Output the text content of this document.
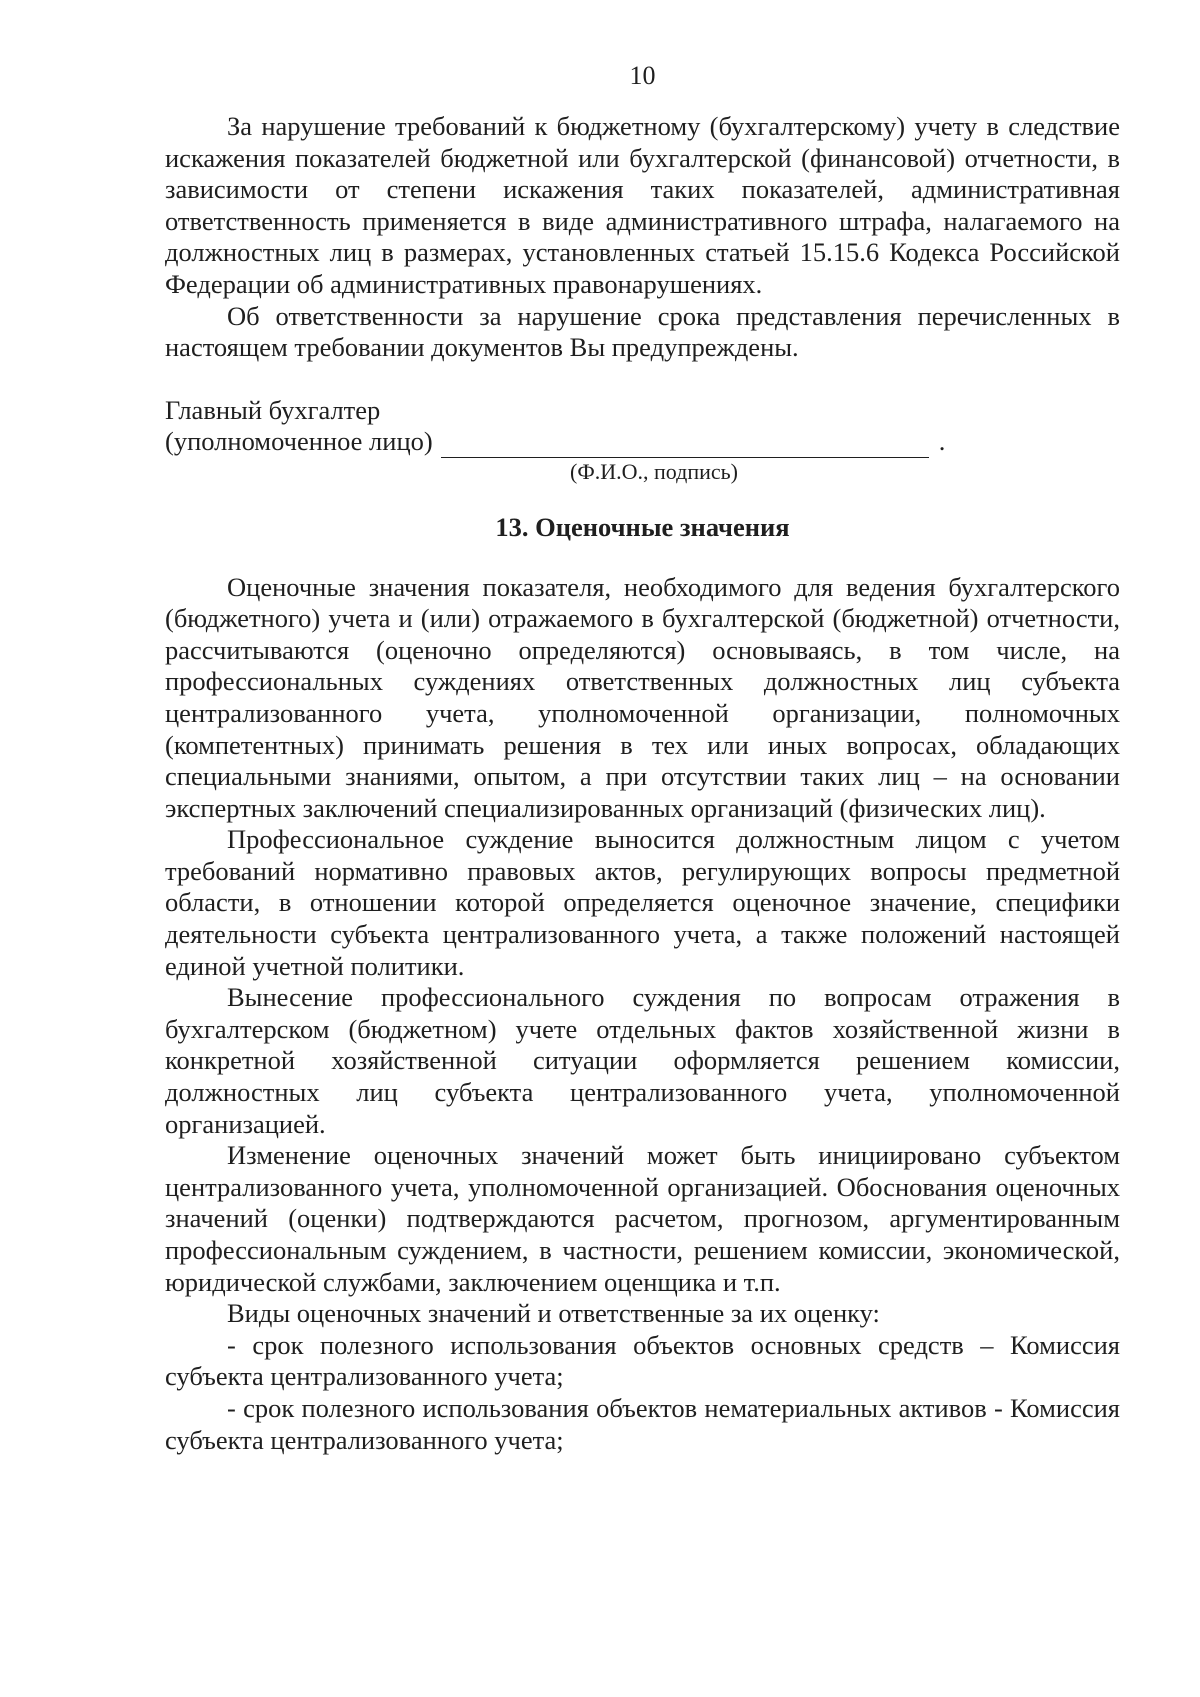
10

За нарушение требований к бюджетному (бухгалтерскому) учету в следствие искажения показателей бюджетной или бухгалтерской (финансовой) отчетности, в зависимости от степени искажения таких показателей, административная ответственность применяется в виде административного штрафа, налагаемого на должностных лиц в размерах, установленных статьей 15.15.6 Кодекса Российской Федерации об административных правонарушениях.

Об ответственности за нарушение срока представления перечисленных в настоящем требовании документов Вы предупреждены.

Главный бухгалтер
(уполномоченное лицо)	.
(Ф.И.О., подпись)
13. Оценочные значения

Оценочные значения показателя, необходимого для ведения бухгалтерского (бюджетного) учета и (или) отражаемого в бухгалтерской (бюджетной) отчетности, рассчитываются (оценочно определяются) основываясь, в том числе, на профессиональных суждениях ответственных должностных лиц субъекта централизованного учета, уполномоченной организации, полномочных (компетентных) принимать решения в тех или иных вопросах, обладающих специальными знаниями, опытом, а при отсутствии таких лиц – на основании экспертных заключений специализированных организаций (физических лиц).

Профессиональное суждение выносится должностным лицом с учетом требований нормативно правовых актов, регулирующих вопросы предметной области, в отношении которой определяется оценочное значение, специфики деятельности субъекта централизованного учета, а также положений настоящей единой учетной политики.

Вынесение профессионального суждения по вопросам отражения в бухгалтерском (бюджетном) учете отдельных фактов хозяйственной жизни в конкретной хозяйственной ситуации оформляется решением комиссии, должностных лиц субъекта централизованного учета, уполномоченной организацией.

Изменение оценочных значений может быть инициировано субъектом централизованного учета, уполномоченной организацией. Обоснования оценочных значений (оценки) подтверждаются расчетом, прогнозом, аргументированным профессиональным суждением, в частности, решением комиссии, экономической, юридической службами, заключением оценщика и т.п.

Виды оценочных значений и ответственные за их оценку:

- срок полезного использования объектов основных средств – Комиссия субъекта централизованного учета;

- срок полезного использования объектов нематериальных активов - Комиссия субъекта централизованного учета;
